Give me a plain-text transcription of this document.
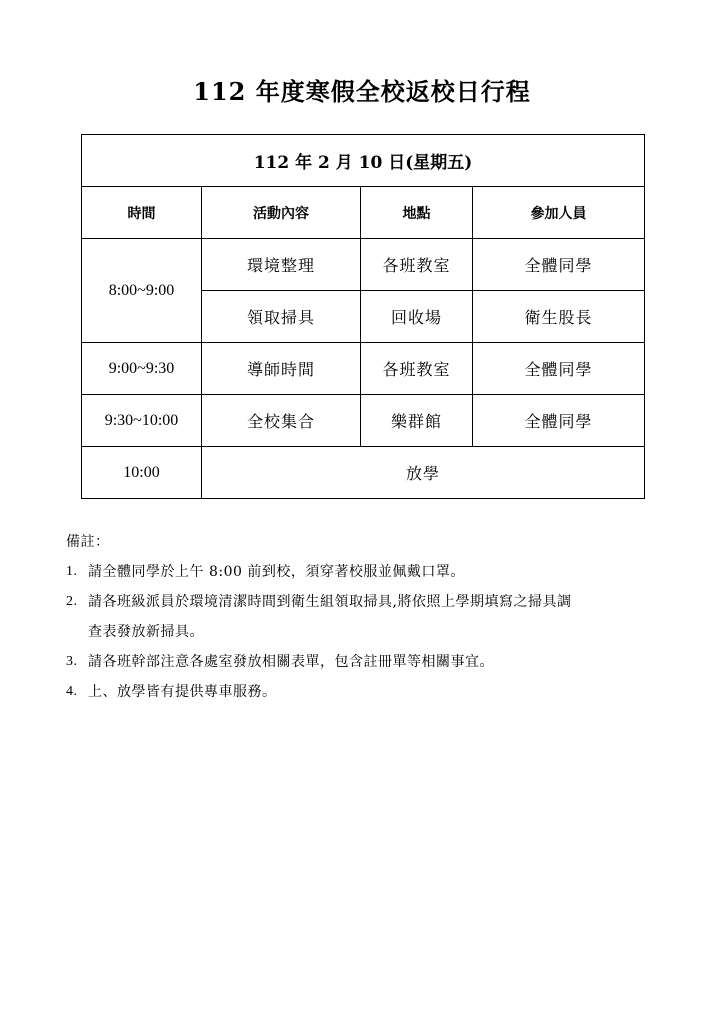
112 年度寒假全校返校日行程
112 年 2 月 10 日(星期五)			
時間	活動內容	地點	參加人員
8:00~9:00	環境整理	各班教室	全體同學
	領取掃具	回收場	衛生股長
9:00~9:30	導師時間	各班教室	全體同學
9:30~10:00	全校集合	樂群館	全體同學
10:00	放學		
備註：
1. 請全體同學於上午 8:00 前到校，須穿著校服並佩戴口罩。
2. 請各班級派員於環境清潔時間到衛生組領取掃具,將依照上學期填寫之掃具調
查表發放新掃具。
3. 請各班幹部注意各處室發放相關表單，包含註冊單等相關事宜。
4. 上、放學皆有提供專車服務。
